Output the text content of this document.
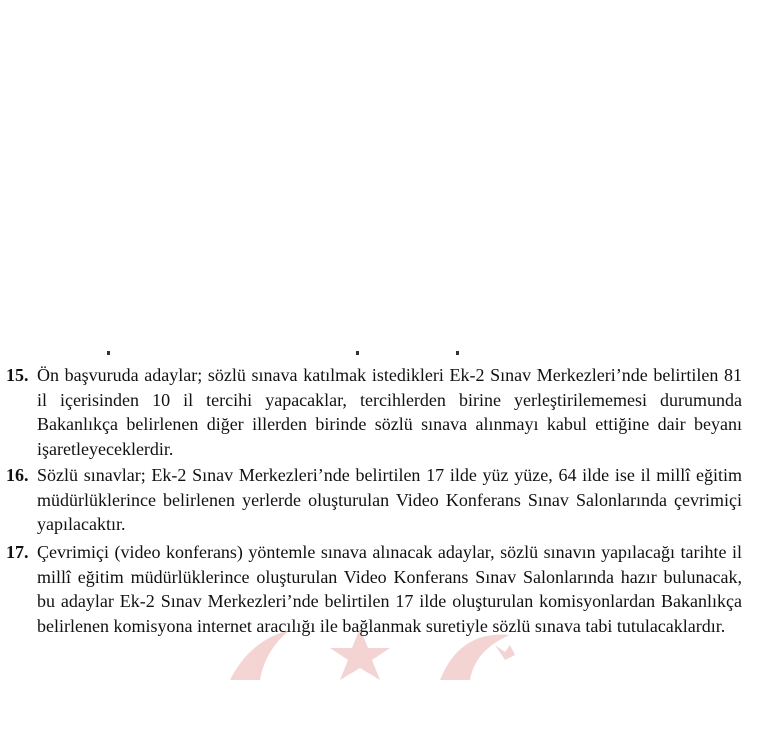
15. Ön başvuruda adaylar; sözlü sınava katılmak istedikleri Ek-2 Sınav Merkezleri’nde belirtilen 81 il içerisinden 10 il tercihi yapacaklar, tercihlerden birine yerleştirilememesi durumunda Bakanlıkça belirlenen diğer illerden birinde sözlü sınava alınmayı kabul ettiğine dair beyanı işaretleyeceklerdir.

16. Sözlü sınavlar; Ek-2 Sınav Merkezleri’nde belirtilen 17 ilde yüz yüze, 64 ilde ise il millî eğitim müdürlüklerince belirlenen yerlerde oluşturulan Video Konferans Sınav Salonlarında çevrimiçi yapılacaktır.

17. Çevrimiçi (video konferans) yöntemle sınava alınacak adaylar, sözlü sınavın yapılacağı tarihte il millî eğitim müdürlüklerince oluşturulan Video Konferans Sınav Salonlarında hazır bulunacak, bu adaylar Ek-2 Sınav Merkezleri’nde belirtilen 17 ilde oluşturulan komisyonlardan Bakanlıkça belirlenen komisyona internet aracılığı ile bağlanmak suretiyle sözlü sınava tabi tutulacaklardır.
